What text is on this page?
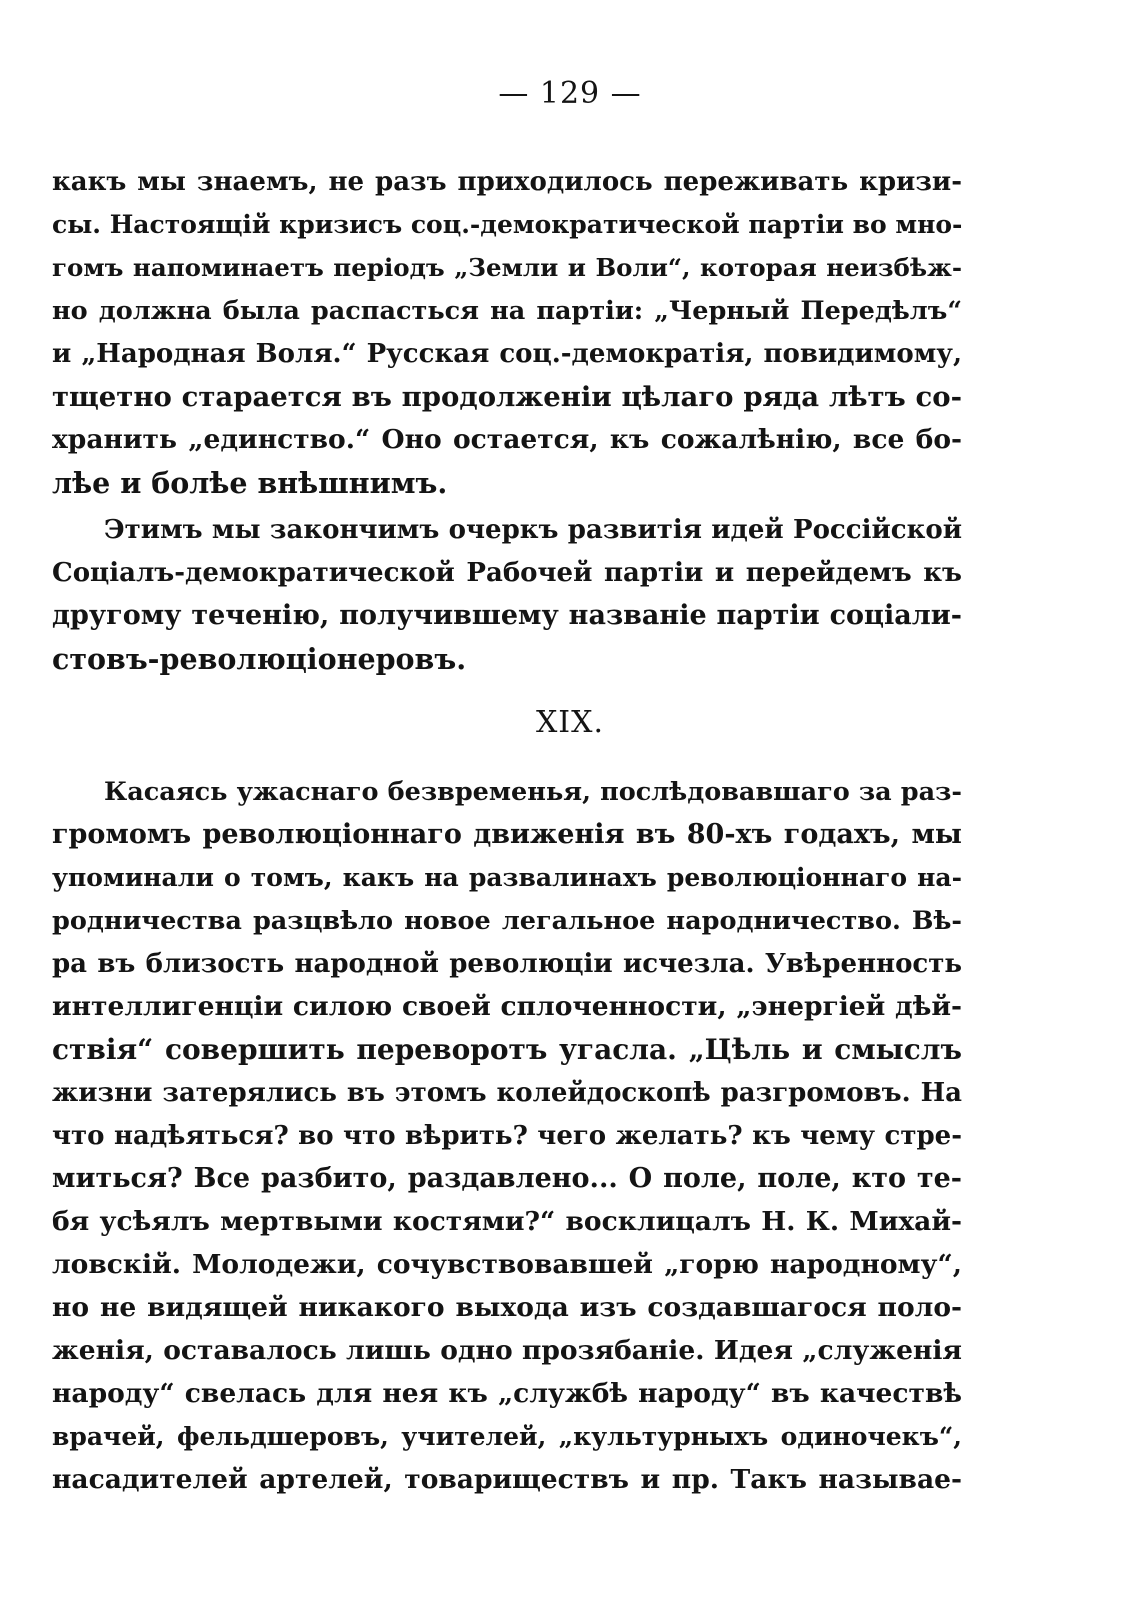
— 129 —
какъ мы знаемъ, не разъ приходилось переживать кризи-
сы. Настоящій кризисъ соц.-демократической партіи во мно-
гомъ напоминаетъ періодъ „Земли и Воли“, которая неизбѣж-
но должна была распасться на партіи: „Черный Передѣлъ“
и „Народная Воля.“ Русская соц.-демократія, повидимому,
тщетно старается въ продолженіи цѣлаго ряда лѣтъ со-
хранить „единство.“ Оно остается, къ сожалѣнію, все бо-
лѣе и болѣе внѣшнимъ.
Этимъ мы закончимъ очеркъ развитія идей Россійской
Соціалъ-демократической Рабочей партіи и перейдемъ къ
другому теченію, получившему названіе партіи соціали-
стовъ-революціонеровъ.
XIX.
Касаясь ужаснаго безвременья, послѣдовавшаго за раз-
громомъ революціоннаго движенія въ 80-хъ годахъ, мы
упоминали о томъ, какъ на развалинахъ революціоннаго на-
родничества разцвѣло новое легальное народничество. Вѣ-
ра въ близость народной революціи исчезла. Увѣренность
интеллигенціи силою своей сплоченности, „энергіей дѣй-
ствія“ совершить переворотъ угасла. „Цѣль и смыслъ
жизни затерялись въ этомъ колейдоскопѣ разгромовъ. На
что надѣяться? во что вѣрить? чего желать? къ чему стре-
миться? Все разбито, раздавлено... О поле, поле, кто те-
бя усѣялъ мертвыми костями?“ восклицалъ Н. К. Михай-
ловскій. Молодежи, сочувствовавшей „горю народному“,
но не видящей никакого выхода изъ создавшагося поло-
женія, оставалось лишь одно прозябаніе. Идея „служенія
народу“ свелась для нея къ „службѣ народу“ въ качествѣ
врачей, фельдшеровъ, учителей, „культурныхъ одиночекъ“,
насадителей артелей, товариществъ и пр. Такъ называе-
